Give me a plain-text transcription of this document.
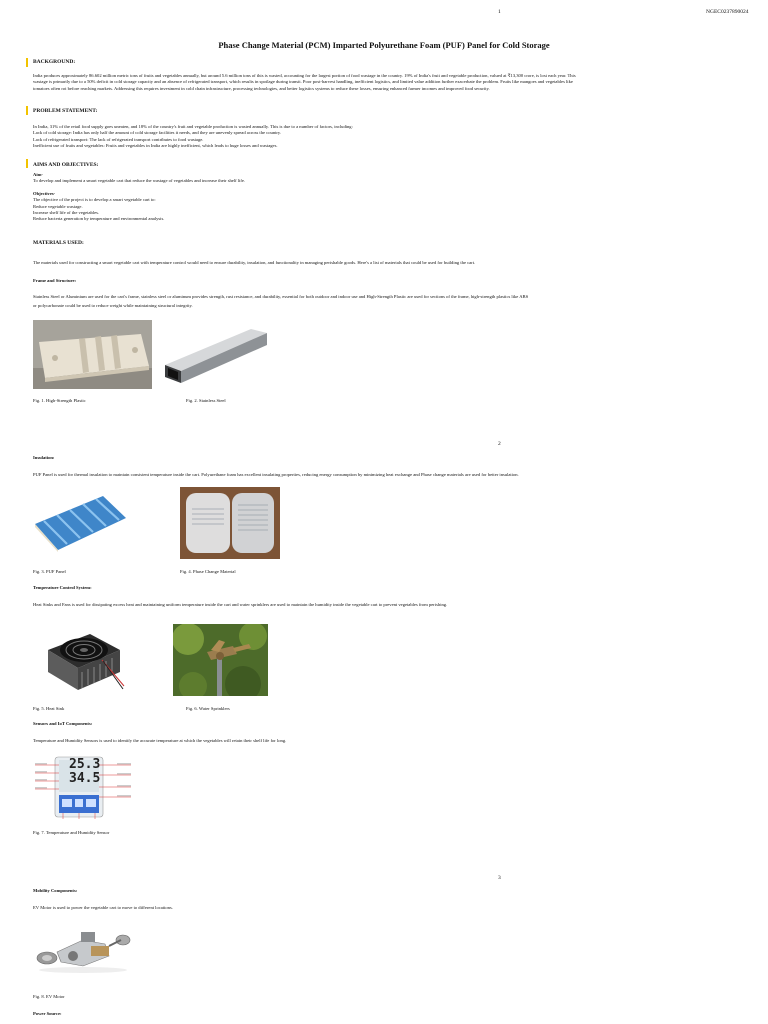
1	NGEC0237890024
Phase Change Material (PCM) Imparted Polyurethane Foam (PUF) Panel for Cold Storage
BACKGROUND:
India produces approximately 86.602 million metric tons of fruits and vegetables annually, but around 5.6 million tons of this is wasted, accounting for the largest portion of food wastage in the country. 19% of India's fruit and vegetable production, valued at ₹13,300 crore, is lost each year. This
wastage is primarily due to a 50% deficit in cold storage capacity and an absence of refrigerated transport, which results in spoilage during transit. Poor post-harvest handling, inefficient logistics, and limited value addition further exacerbate the problem. Fruits like mangoes and vegetables like
tomatoes often rot before reaching markets. Addressing this requires investment in cold chain infrastructure, processing technologies, and better logistics systems to reduce these losses, ensuring enhanced farmer incomes and improved food security.
PROBLEM STATEMENT:
In India, 31% of the retail food supply goes uneaten, and 18% of the country's fruit and vegetable production is wasted annually. This is due to a number of factors, including:
Lack of cold storage: India has only half the amount of cold storage facilities it needs, and they are unevenly spread across the country.
Lack of refrigerated transport: The lack of refrigerated transport contributes to food wastage.
Inefficient use of fruits and vegetables: Fruits and vegetables in India are highly inefficient, which leads to huge losses and wastages.
AIMS AND OBJECTIVES:
Aim-
To develop and implement a smart vegetable cart that reduce the wastage of vegetables and increase their shelf life.
Objectives-
The objective of the project is to develop a smart vegetable cart to:
Reduce vegetable wastage.
Increase shelf life of the vegetables.
Reduce bacteria generation by temperature and environmental analysis.
MATERIALS USED:
The materials used for constructing a smart vegetable cart with temperature control would need to ensure durability, insulation, and functionality in managing perishable goods. Here's a list of materials that could be used for building the cart.
Frame and Structure:
Stainless Steel or Aluminium are used for the cart's frame, stainless steel or aluminum provides strength, rust resistance, and durability, essential for both outdoor and indoor use and High-Strength Plastic are used for sections of the frame, high-strength plastics like ABS
or polycarbonate could be used to reduce weight while maintaining structural integrity.
Fig. 1. High-Strength Plastic	Fig. 2. Stainless Steel
2
Insulation:
PUF Panel is used for thermal insulation to maintain consistent temperature inside the cart. Polyurethane foam has excellent insulating properties, reducing energy consumption by minimizing heat exchange and Phase change materials are used for better insulation.
Fig. 3. PUF Panel	Fig. 4. Phase Change Material
Temperature Control System:
Heat Sinks and Fans is used for dissipating excess heat and maintaining uniform temperature inside the cart and water sprinklers are used to maintain the humidity inside the vegetable cart to prevent vegetables from perishing.
Fig. 5. Heat Sink	Fig. 6. Water Sprinklers
Sensors and IoT Components:
Temperature and Humidity Sensors is used to identify the accurate temperature at which the vegetables will retain their shelf life for long.
25.3
34.5
Fig. 7. Temperature and Humidity Sensor
3
Mobility Components:
EV Motor is used to power the vegetable cart to move to different locations.
Fig. 8. EV Motor
Power Source:
